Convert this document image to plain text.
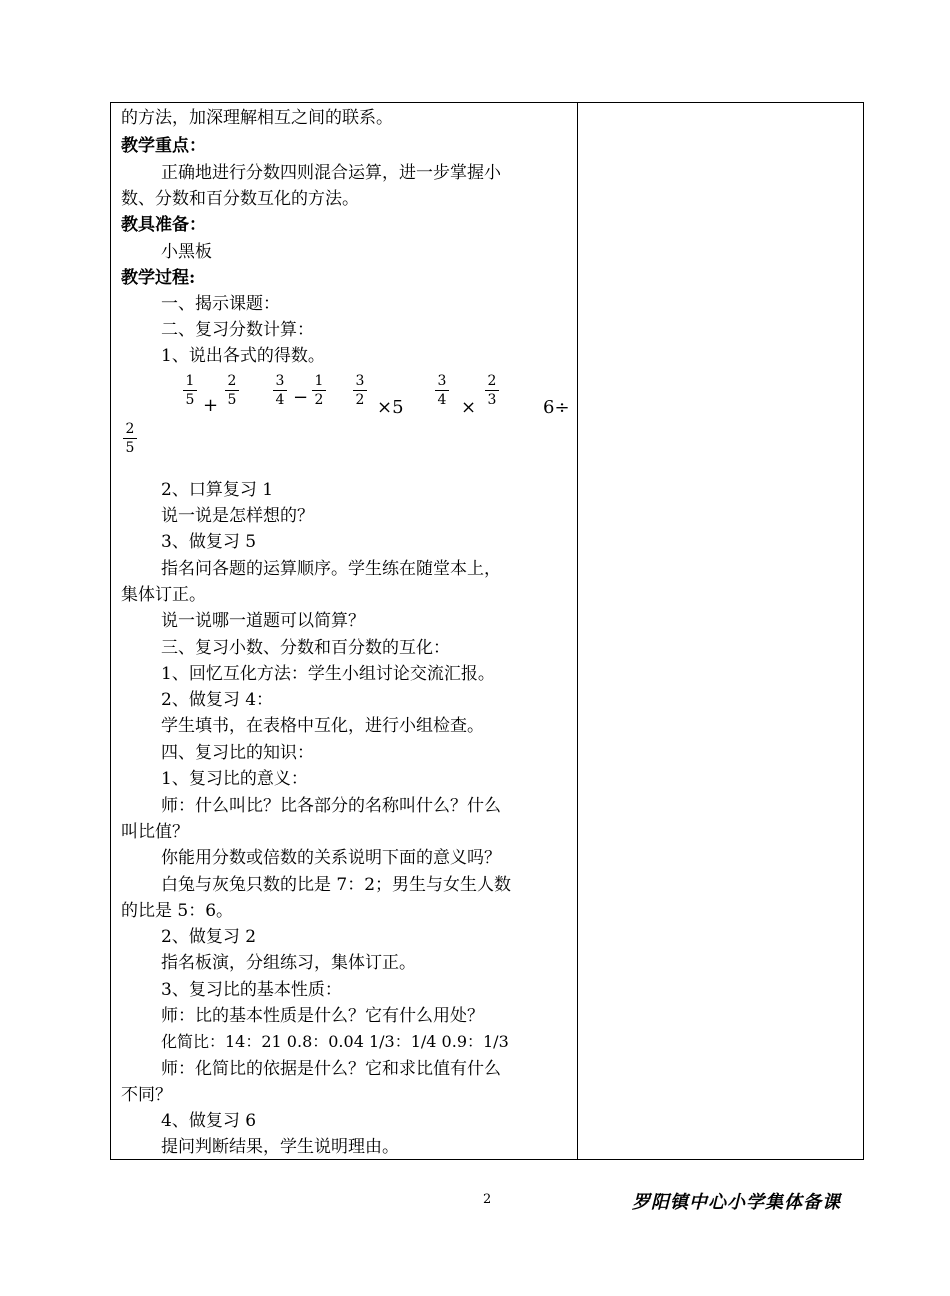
的方法，加深理解相互之间的联系。
教学重点：
正确地进行分数四则混合运算，进一步掌握小
数、分数和百分数互化的方法。
教具准备：
小黑板
教学过程:
一、揭示课题：
二、复习分数计算：
1、说出各式的得数。
1
5 +
2
5
3
4 −
1
2
3
2 ×5
3
4 ×
2
3	6÷
2
5
2、口算复习 1
说一说是怎样想的？
3、做复习 5
指名问各题的运算顺序。学生练在随堂本上，
集体订正。
说一说哪一道题可以简算？
三、复习小数、分数和百分数的互化：
1、回忆互化方法：学生小组讨论交流汇报。
2、做复习 4：
学生填书，在表格中互化，进行小组检查。
四、复习比的知识：
1、复习比的意义：
师：什么叫比？比各部分的名称叫什么？什么
叫比值？
你能用分数或倍数的关系说明下面的意义吗？
白兔与灰兔只数的比是 7：2；男生与女生人数
的比是 5：6。
2、做复习 2
指名板演，分组练习，集体订正。
3、复习比的基本性质：
师：比的基本性质是什么？它有什么用处？
化简比：14：21 0.8：0.04 1/3：1/4 0.9：1/3
师：化简比的依据是什么？它和求比值有什么
不同？
4、做复习 6
提问判断结果，学生说明理由。
2	罗阳镇中心小学集体备课
